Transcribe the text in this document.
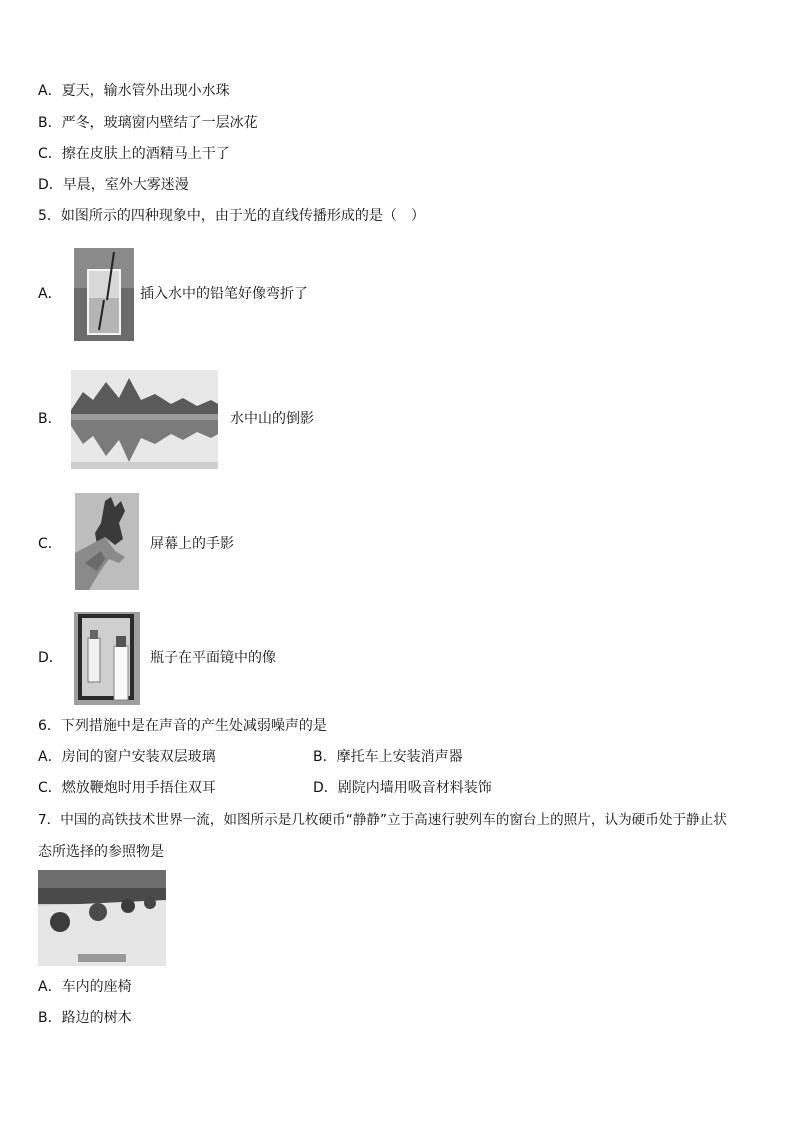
A．夏天，输水管外出现小水珠
B．严冬，玻璃窗内壁结了一层冰花
C．擦在皮肤上的酒精马上干了
D．早晨，室外大雾迷漫
5．如图所示的四种现象中，由于光的直线传播形成的是（　）
A．	插入水中的铅笔好像弯折了
B．	水中山的倒影
C．	屏幕上的手影
D．	瓶子在平面镜中的像
6．下列措施中是在声音的产生处减弱噪声的是
A．房间的窗户安装双层玻璃	B．摩托车上安装消声器
C．燃放鞭炮时用手捂住双耳	D．剧院内墙用吸音材料装饰
7．中国的高铁技术世界一流，如图所示是几枚硬币“静静”立于高速行驶列车的窗台上的照片，认为硬币处于静止状
态所选择的参照物是
A．车内的座椅
B．路边的树木
